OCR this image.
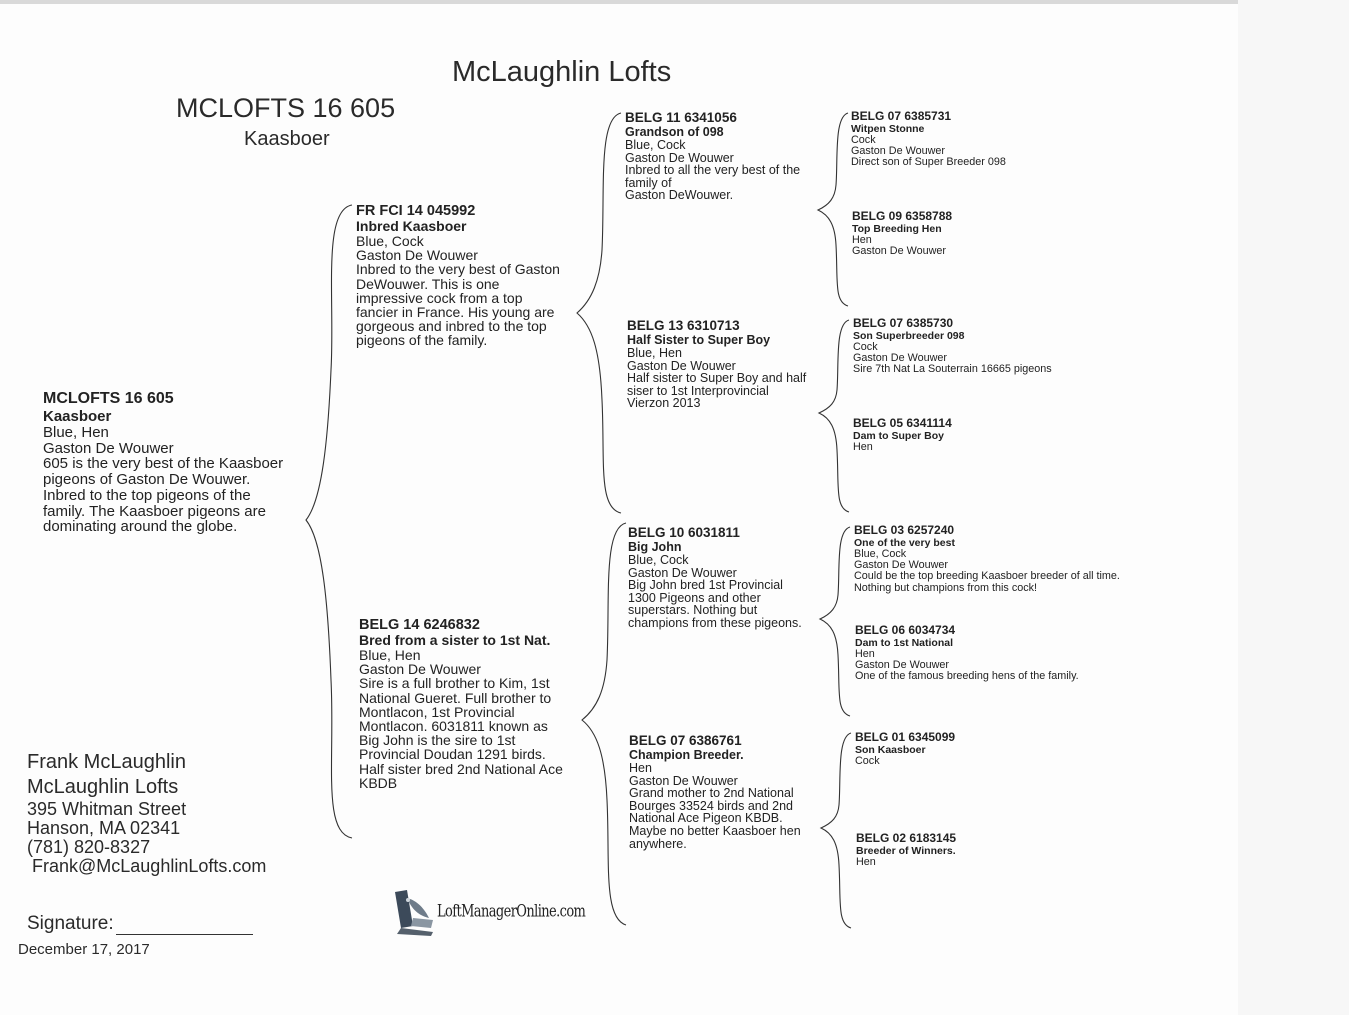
McLaughlin Lofts
MCLOFTS 16 605
Kaasboer
MCLOFTS 16 605
Kaasboer
Blue, Hen
Gaston De Wouwer
605 is the very best of the Kaasboer
pigeons of Gaston De Wouwer.
Inbred to the top pigeons of the
family. The Kaasboer pigeons are
dominating around the globe.
FR FCI 14 045992
Inbred Kaasboer
Blue, Cock
Gaston De Wouwer
Inbred to the very best of Gaston
DeWouwer. This is one
impressive cock from a top
fancier in France. His young are
gorgeous and inbred to the top
pigeons of the family.
BELG 14 6246832
Bred from a sister to 1st Nat.
Blue, Hen
Gaston De Wouwer
Sire is a full brother to Kim, 1st
National Gueret. Full brother to
Montlacon, 1st Provincial
Montlacon. 6031811 known as
Big John is the sire to 1st
Provincial Doudan 1291 birds.
Half sister bred 2nd National Ace
KBDB
BELG 11 6341056
Grandson of 098
Blue, Cock
Gaston De Wouwer
Inbred to all the very best of the
family of
Gaston DeWouwer.
BELG 13 6310713
Half Sister to Super Boy
Blue, Hen
Gaston De Wouwer
Half sister to Super Boy and half
siser to 1st Interprovincial
Vierzon 2013
BELG 10 6031811
Big John
Blue, Cock
Gaston De Wouwer
Big John bred 1st Provincial
1300 Pigeons and other
superstars. Nothing but
champions from these pigeons.
BELG 07 6386761
Champion Breeder.
Hen
Gaston De Wouwer
Grand mother to 2nd National
Bourges 33524 birds and 2nd
National Ace Pigeon KBDB.
Maybe no better Kaasboer hen
anywhere.
BELG 07 6385731
Witpen Stonne
Cock
Gaston De Wouwer
Direct son of Super Breeder 098
BELG 09 6358788
Top Breeding Hen
Hen
Gaston De Wouwer
BELG 07 6385730
Son Superbreeder 098
Cock
Gaston De Wouwer
Sire 7th Nat La Souterrain 16665 pigeons
BELG 05 6341114
Dam to Super Boy
Hen
BELG 03 6257240
One of the very best
Blue, Cock
Gaston De Wouwer
Could be the top breeding Kaasboer breeder of all time.
Nothing but champions from this cock!
BELG 06 6034734
Dam to 1st National
Hen
Gaston De Wouwer
One of the famous breeding hens of the family.
BELG 01 6345099
Son Kaasboer
Cock
BELG 02 6183145
Breeder of Winners.
Hen
Frank McLaughlin
McLaughlin Lofts
395 Whitman Street
Hanson, MA 02341
(781) 820-8327
Frank@McLaughlinLofts.com
Signature:
December 17, 2017
LoftManagerOnline.com
